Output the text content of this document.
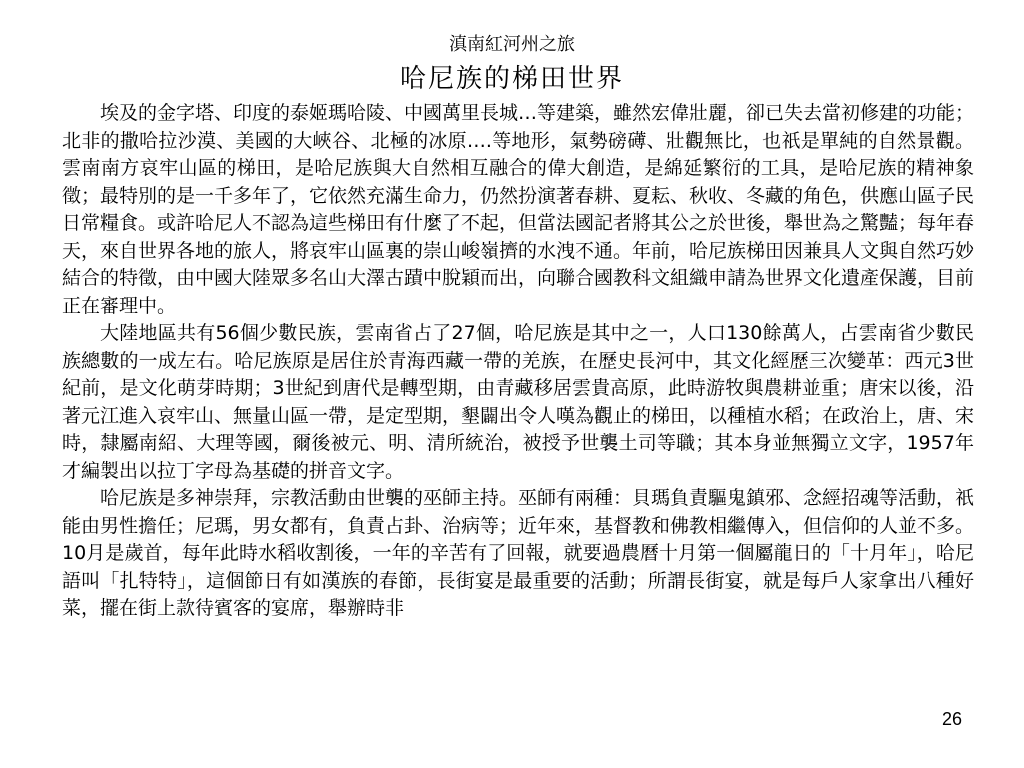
滇南紅河州之旅
哈尼族的梯田世界

埃及的金字塔、印度的泰姬瑪哈陵、中國萬里長城…等建築，雖然宏偉壯麗，卻已失去當初修建的功能；北非的撒哈拉沙漠、美國的大峽谷、北極的冰原….等地形，氣勢磅礡、壯觀無比，也祇是單純的自然景觀。雲南南方哀牢山區的梯田，是哈尼族與大自然相互融合的偉大創造，是綿延繁衍的工具，是哈尼族的精神象徵；最特別的是一千多年了，它依然充滿生命力，仍然扮演著春耕、夏耘、秋收、冬藏的角色，供應山區子民日常糧食。或許哈尼人不認為這些梯田有什麼了不起，但當法國記者將其公之於世後，舉世為之驚豔；每年春天，來自世界各地的旅人，將哀牢山區裏的崇山峻嶺擠的水洩不通。年前，哈尼族梯田因兼具人文與自然巧妙結合的特徵，由中國大陸眾多名山大澤古蹟中脫穎而出，向聯合國教科文組織申請為世界文化遺產保護，目前正在審理中。

大陸地區共有56個少數民族，雲南省占了27個，哈尼族是其中之一，人口130餘萬人，占雲南省少數民族總數的一成左右。哈尼族原是居住於青海西藏一帶的羌族，在歷史長河中，其文化經歷三次變革：西元3世紀前，是文化萌芽時期；3世紀到唐代是轉型期，由青藏移居雲貴高原，此時游牧與農耕並重；唐宋以後，沿著元江進入哀牢山、無量山區一帶，是定型期，墾闢出令人嘆為觀止的梯田，以種植水稻；在政治上，唐、宋時，隸屬南紹、大理等國，爾後被元、明、清所統治，被授予世襲土司等職；其本身並無獨立文字，1957年才編製出以拉丁字母為基礎的拼音文字。

哈尼族是多神崇拜，宗教活動由世襲的巫師主持。巫師有兩種：貝瑪負責驅鬼鎮邪、念經招魂等活動，祇能由男性擔任；尼瑪，男女都有，負責占卦、治病等；近年來，基督教和佛教相繼傳入，但信仰的人並不多。10月是歲首，每年此時水稻收割後，一年的辛苦有了回報，就要過農曆十月第一個屬龍日的「十月年」，哈尼語叫「扎特特」，這個節日有如漢族的春節，長街宴是最重要的活動；所謂長街宴，就是每戶人家拿出八種好菜，擺在街上款待賓客的宴席，舉辦時非

26
